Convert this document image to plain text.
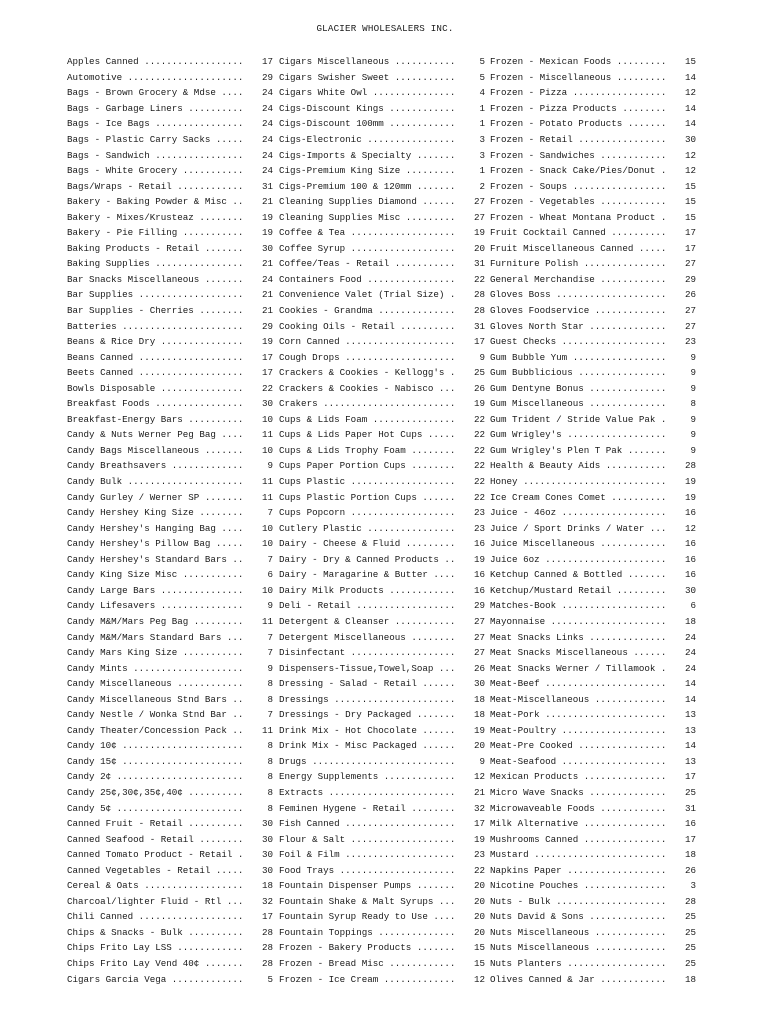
GLACIER WHOLESALERS INC.
Apples Canned ..................	17
Automotive .....................	29
Bags - Brown Grocery & Mdse ....	24
Bags - Garbage Liners ..........	24
Bags - Ice Bags ................	24
Bags - Plastic Carry Sacks .....	24
Bags - Sandwich ................	24
Bags - White Grocery ...........	24
Bags/Wraps - Retail ............	31
Bakery - Baking Powder & Misc ..	21
Bakery - Mixes/Krusteaz ........	19
Bakery - Pie Filling ...........	19
Baking Products - Retail .......	30
Baking Supplies ................	21
Bar Snacks Miscellaneous .......	24
Bar Supplies ...................	21
Bar Supplies - Cherries ........	21
Batteries ......................	29
Beans & Rice Dry ...............	19
Beans Canned ...................	17
Beets Canned ...................	17
Bowls Disposable ...............	22
Breakfast Foods ................	30
Breakfast-Energy Bars ..........	10
Candy & Nuts Werner Peg Bag ....	11
Candy Bags Miscellaneous .......	10
Candy Breathsavers .............	9
Candy Bulk .....................	11
Candy Gurley / Werner SP .......	11
Candy Hershey King Size ........	7
Candy Hershey's Hanging Bag ....	10
Candy Hershey's Pillow Bag .....	10
Candy Hershey's Standard Bars ..	7
Candy King Size Misc ...........	6
Candy Large Bars ...............	10
Candy Lifesavers ...............	9
Candy M&M/Mars Peg Bag .........	11
Candy M&M/Mars Standard Bars ...	7
Candy Mars King Size ...........	7
Candy Mints ....................	9
Candy Miscellaneous ............	8
Candy Miscellaneous Stnd Bars ..	8
Candy Nestle / Wonka Stnd Bar ..	7
Candy Theater/Concession Pack ..	11
Candy 10¢ ......................	8
Candy 15¢ ......................	8
Candy 2¢ .......................	8
Candy 25¢,30¢,35¢,40¢ ..........	8
Candy 5¢ .......................	8
Canned Fruit - Retail ..........	30
Canned Seafood - Retail ........	30
Canned Tomato Product - Retail .	30
Canned Vegetables - Retail .....	30
Cereal & Oats ..................	18
Charcoal/lighter Fluid - Rtl ...	32
Chili Canned ...................	17
Chips & Snacks - Bulk ..........	28
Chips Frito Lay LSS ............	28
Chips Frito Lay Vend 40¢ .......	28
Cigars Garcia Vega .............	5
Cigars Miscellaneous ...........	5
Cigars Swisher Sweet ...........	5
Cigars White Owl ...............	4
Cigs-Discount Kings ............	1
Cigs-Discount 100mm ............	1
Cigs-Electronic ................	3
Cigs-Imports & Specialty .......	3
Cigs-Premium King Size .........	1
Cigs-Premium 100 & 120mm .......	2
Cleaning Supplies Diamond ......	27
Cleaning Supplies Misc .........	27
Coffee & Tea ...................	19
Coffee Syrup ...................	20
Coffee/Teas - Retail ...........	31
Containers Food ................	22
Convenience Valet (Trial Size) .	28
Cookies - Grandma ..............	28
Cooking Oils - Retail ..........	31
Corn Canned ....................	17
Cough Drops ....................	9
Crackers & Cookies - Kellogg's .	25
Crackers & Cookies - Nabisco ...	26
Crakers ........................	19
Cups & Lids Foam ...............	22
Cups & Lids Paper Hot Cups .....	22
Cups & Lids Trophy Foam ........	22
Cups Paper Portion Cups ........	22
Cups Plastic ...................	22
Cups Plastic Portion Cups ......	22
Cups Popcorn ...................	23
Cutlery Plastic ................	23
Dairy - Cheese & Fluid .........	16
Dairy - Dry & Canned Products ..	19
Dairy - Maragarine & Butter ....	16
Dairy Milk Products ............	16
Deli - Retail ..................	29
Detergent & Cleanser ...........	27
Detergent Miscellaneous ........	27
Disinfectant ...................	27
Dispensers-Tissue,Towel,Soap ...	26
Dressing - Salad - Retail ......	30
Dressings ......................	18
Dressings - Dry Packaged .......	18
Drink Mix - Hot Chocolate ......	19
Drink Mix - Misc Packaged ......	20
Drugs ..........................	9
Energy Supplements .............	12
Extracts .......................	21
Feminen Hygene - Retail ........	32
Fish Canned ....................	17
Flour & Salt ...................	19
Foil & Film ....................	23
Food Trays .....................	22
Fountain Dispenser Pumps .......	20
Fountain Shake & Malt Syrups ...	20
Fountain Syrup Ready to Use ....	20
Fountain Toppings ..............	20
Frozen - Bakery Products .......	15
Frozen - Bread Misc ............	15
Frozen - Ice Cream .............	12
Frozen - Mexican Foods .........	15
Frozen - Miscellaneous .........	14
Frozen - Pizza .................	12
Frozen - Pizza Products ........	14
Frozen - Potato Products .......	14
Frozen - Retail ................	30
Frozen - Sandwiches ............	12
Frozen - Snack Cake/Pies/Donut .	12
Frozen - Soups .................	15
Frozen - Vegetables ............	15
Frozen - Wheat Montana Product .	15
Fruit Cocktail Canned ..........	17
Fruit Miscellaneous Canned .....	17
Furniture Polish ...............	27
General Merchandise ............	29
Gloves Boss ....................	26
Gloves Foodservice .............	27
Gloves North Star ..............	27
Guest Checks ...................	23
Gum Bubble Yum .................	9
Gum Bubblicious ................	9
Gum Dentyne Bonus ..............	9
Gum Miscellaneous ..............	8
Gum Trident / Stride Value Pak .	9
Gum Wrigley's ..................	9
Gum Wrigley's Plen T Pak .......	9
Health & Beauty Aids ...........	28
Honey ..........................	19
Ice Cream Cones Comet ..........	19
Juice - 46oz ...................	16
Juice / Sport Drinks / Water ...	12
Juice Miscellaneous ............	16
Juice 6oz ......................	16
Ketchup Canned & Bottled .......	16
Ketchup/Mustard Retail .........	30
Matches-Book ...................	6
Mayonnaise .....................	18
Meat Snacks Links ..............	24
Meat Snacks Miscellaneous ......	24
Meat Snacks Werner / Tillamook .	24
Meat-Beef ......................	14
Meat-Miscellaneous .............	14
Meat-Pork ......................	13
Meat-Poultry ...................	13
Meat-Pre Cooked ................	14
Meat-Seafood ...................	13
Mexican Products ...............	17
Micro Wave Snacks ..............	25
Microwaveable Foods ............	31
Milk Alternative ...............	16
Mushrooms Canned ...............	17
Mustard ........................	18
Napkins Paper ..................	26
Nicotine Pouches ...............	3
Nuts - Bulk ....................	28
Nuts David & Sons ..............	25
Nuts Miscellaneous .............	25
Nuts Miscellaneous .............	25
Nuts Planters ..................	25
Olives Canned & Jar ............	18
